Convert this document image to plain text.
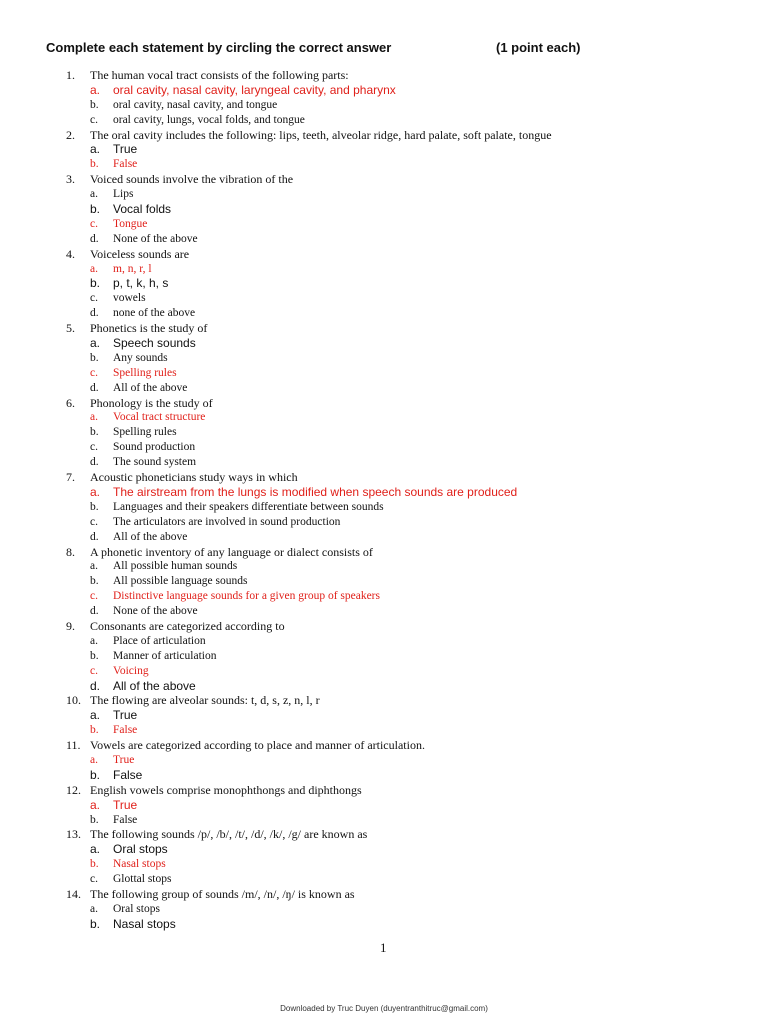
Complete each statement by circling the correct answer	(1 point each)
1. The human vocal tract consists of the following parts:
a. oral cavity, nasal cavity, laryngeal cavity, and pharynx
b. oral cavity, nasal cavity, and tongue
c. oral cavity, lungs, vocal folds, and tongue
2. The oral cavity includes the following: lips, teeth, alveolar ridge, hard palate, soft palate, tongue
a. True
b. False
3. Voiced sounds involve the vibration of the
a. Lips
b. Vocal folds
c. Tongue
d. None of the above
4. Voiceless sounds are
a. m, n, r, l
b. p, t, k, h, s
c. vowels
d. none of the above
5. Phonetics is the study of
a. Speech sounds
b. Any sounds
c. Spelling rules
d. All of the above
6. Phonology is the study of
a. Vocal tract structure
b. Spelling rules
c. Sound production
d. The sound system
7. Acoustic phoneticians study ways in which
a. The airstream from the lungs is modified when speech sounds are produced
b. Languages and their speakers differentiate between sounds
c. The articulators are involved in sound production
d. All of the above
8. A phonetic inventory of any language or dialect consists of
a. All possible human sounds
b. All possible language sounds
c. Distinctive language sounds for a given group of speakers
d. None of the above
9. Consonants are categorized according to
a. Place of articulation
b. Manner of articulation
c. Voicing
d. All of the above
10. The flowing are alveolar sounds: t, d, s, z, n, l, r
a. True
b. False
11. Vowels are categorized according to place and manner of articulation.
a. True
b. False
12. English vowels comprise monophthongs and diphthongs
a. True
b. False
13. The following sounds /p/, /b/, /t/, /d/, /k/, /g/ are known as
a. Oral stops
b. Nasal stops
c. Glottal stops
14. The following group of sounds /m/, /n/, /ŋ/ is known as
a. Oral stops
b. Nasal stops
1
Downloaded by Truc Duyen (duyentranthitruc@gmail.com)
